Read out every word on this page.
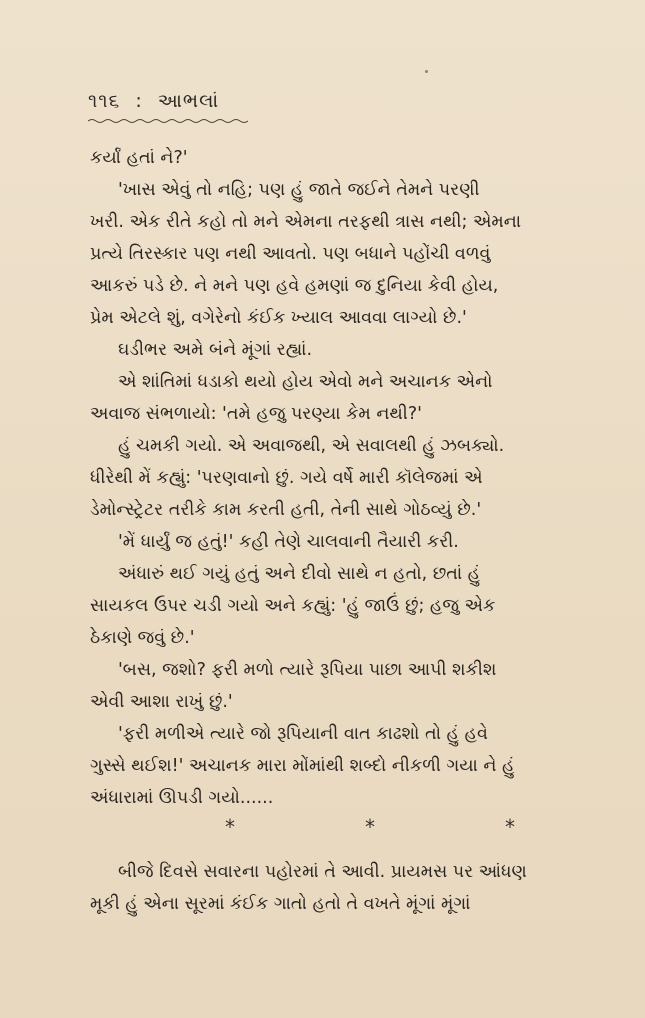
૧૧૬ : આભલાં
કર્યાં હતાં ને?'
'ખાસ એવું તો નહિ; પણ હું જાતે જઈને તેમને પરણી
ખરી. એક રીતે કહો તો મને એમના તરફથી ત્રાસ નથી; એમના
પ્રત્યે તિરસ્કાર પણ નથી આવતો. પણ બધાને પહોંચી વળવું
આકરું પડે છે. ને મને પણ હવે હમણાં જ દુનિયા કેવી હોય,
પ્રેમ એટલે શું, વગેરેનો કંઈક ખ્યાલ આવવા લાગ્યો છે.'
ઘડીભર અમે બંને મૂંગાં રહ્યાં.
એ શાંતિમાં ધડાકો થયો હોય એવો મને અચાનક એનો
અવાજ સંભળાયો: 'તમે હજુ પરણ્યા કેમ નથી?'
હું ચમકી ગયો. એ અવાજથી, એ સવાલથી હું ઝબક્યો.
ધીરેથી મેં કહ્યું: 'પરણવાનો છું. ગયે વર્ષે મારી કૉલેજમાં એ
ડેમોન્સ્ટ્રેટર તરીકે કામ કરતી હતી, તેની સાથે ગોઠવ્યું છે.'
'મેં ધાર્યું જ હતું!' કહી તેણે ચાલવાની તૈયારી કરી.
અંધારું થઈ ગયું હતું અને દીવો સાથે ન હતો, છતાં હું
સાયકલ ઉપર ચડી ગયો અને કહ્યું: 'હું જાઉં છું; હજુ એક
ઠેકાણે જવું છે.'
'બસ, જશો? ફરી મળો ત્યારે રૂપિયા પાછા આપી શકીશ
એવી આશા રાખું છું.'
'ફરી મળીએ ત્યારે જો રૂપિયાની વાત કાઢશો તો હું હવે
ગુસ્સે થઈશ!' અચાનક મારા મોંમાંથી શબ્દો નીકળી ગયા ને હું
અંધારામાં ઊપડી ગયો......
*	*	*
બીજે દિવસે સવારના પહોરમાં તે આવી. પ્રાયમસ પર આંધણ
મૂકી હું એના સૂરમાં કંઈક ગાતો હતો તે વખતે મૂંગાં મૂંગાં
